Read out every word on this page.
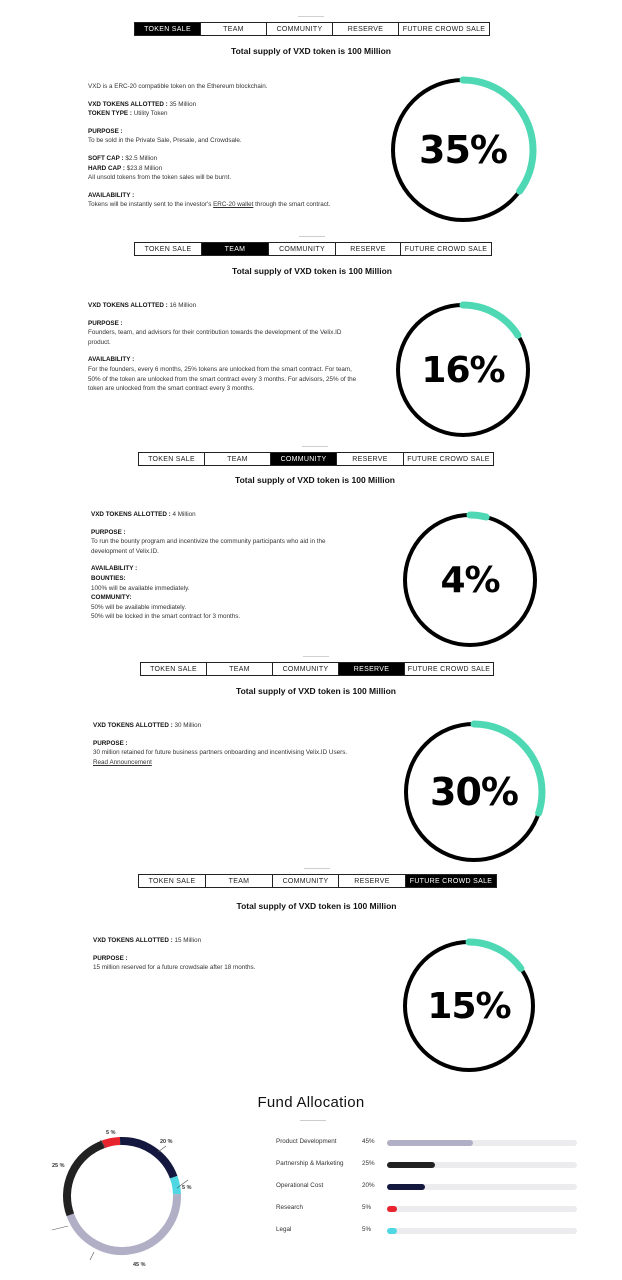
TOKEN SALE	TEAM	COMMUNITY	RESERVE	FUTURE CROWD SALE
Total supply of VXD token is 100 Million
VXD is a ERC-20 compatible token on the Ethereum blockchain.
VXD TOKENS ALLOTTED : 35 Million
TOKEN TYPE : Utility Token
PURPOSE :
To be sold in the Private Sale, Presale, and Crowdsale.
SOFT CAP : $2.5 Million
HARD CAP : $23.8 Million
All unsold tokens from the token sales will be burnt.
AVAILABILITY :
Tokens will be instantly sent to the investor's ERC-20 wallet through the smart contract.
35%
TOKEN SALE	TEAM	COMMUNITY	RESERVE	FUTURE CROWD SALE
Total supply of VXD token is 100 Million
VXD TOKENS ALLOTTED : 16 Million
PURPOSE :
Founders, team, and advisors for their contribution towards the development of the Velix.ID
product.
AVAILABILITY :
For the founders, every 6 months, 25% tokens are unlocked from the smart contract. For team,
50% of the token are unlocked from the smart contract every 3 months. For advisors, 25% of the
token are unlocked from the smart contract every 3 months.	16%
TOKEN SALE	TEAM	COMMUNITY	RESERVE	FUTURE CROWD SALE
Total supply of VXD token is 100 Million
VXD TOKENS ALLOTTED : 4 Million
PURPOSE :
To run the bounty program and incentivize the community participants who aid in the
development of Velix.ID.
AVAILABILITY :
BOUNTIES:
100% will be available immediately.
COMMUNITY:
50% will be available immediately.
50% will be locked in the smart contract for 3 months.
4%
TOKEN SALE	TEAM	COMMUNITY	RESERVE	FUTURE CROWD SALE
Total supply of VXD token is 100 Million
VXD TOKENS ALLOTTED : 30 Million
PURPOSE :
30 million retained for future business partners onboarding and incentivising Velix.ID Users.
Read Announcement
30%
TOKEN SALE	TEAM	COMMUNITY	RESERVE	FUTURE CROWD SALE
Total supply of VXD token is 100 Million
VXD TOKENS ALLOTTED : 15 Million
PURPOSE :
15 million reserved for a future crowdsale after 18 months.
15%
Product Development	45%
Partnership & Marketing	25%
Operational Cost	20%
Research	5%
Legal	5%
5 %
20 %
5 %
45 %
25 %
Fund Allocation
